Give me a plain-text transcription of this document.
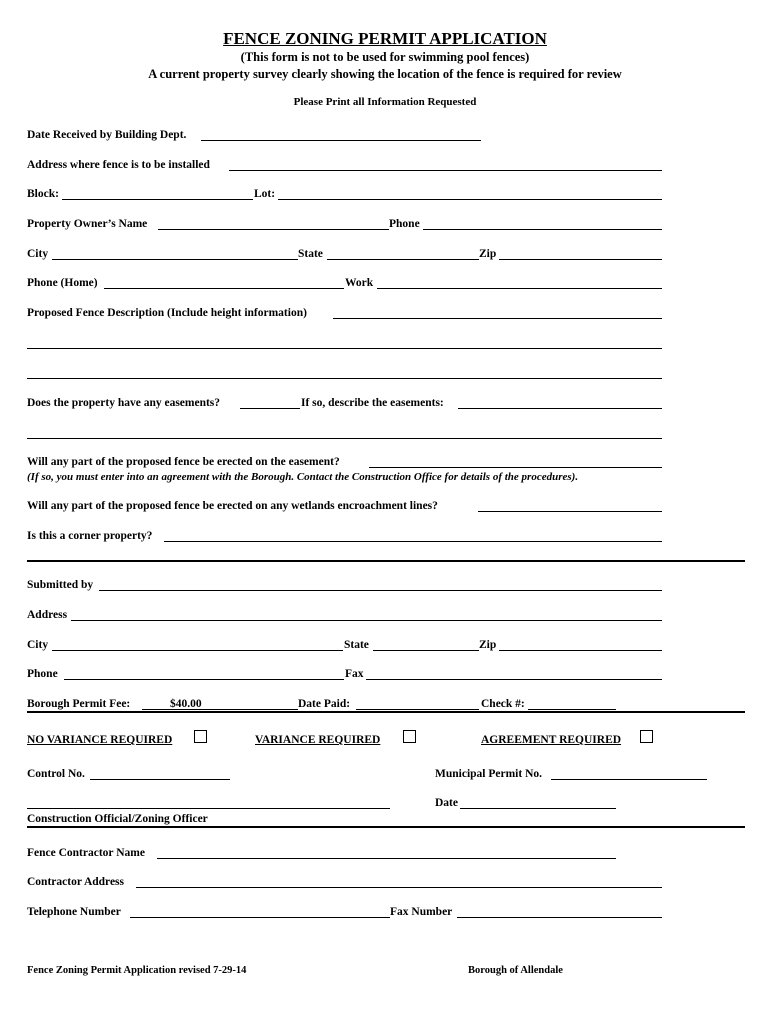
FENCE ZONING PERMIT APPLICATION
(This form is not to be used for swimming pool fences)
A current property survey clearly showing the location of the fence is required for review
Please Print all Information Requested
Date Received by Building Dept.
Address where fence is to be installed
Block:	Lot:
Property Owner’s Name	Phone
City	State	Zip
Phone (Home)	Work
Proposed Fence Description (Include height information)
Does the property have any easements?	If so, describe the easements:
Will any part of the proposed fence be erected on the easement?
(If so, you must enter into an agreement with the Borough. Contact the Construction Office for details of the procedures).
Will any part of the proposed fence be erected on any wetlands encroachment lines?
Is this a corner property?
Submitted by
Address
City	State	Zip
Phone	Fax
Borough Permit Fee:	$40.00	Date Paid:	Check #:
NO VARIANCE REQUIRED	VARIANCE REQUIRED	AGREEMENT REQUIRED
Control No.	Municipal Permit No.
Date
Construction Official/Zoning Officer
Fence Contractor Name
Contractor Address
Telephone Number	Fax Number
Fence Zoning Permit Application revised 7-29-14	Borough of Allendale
